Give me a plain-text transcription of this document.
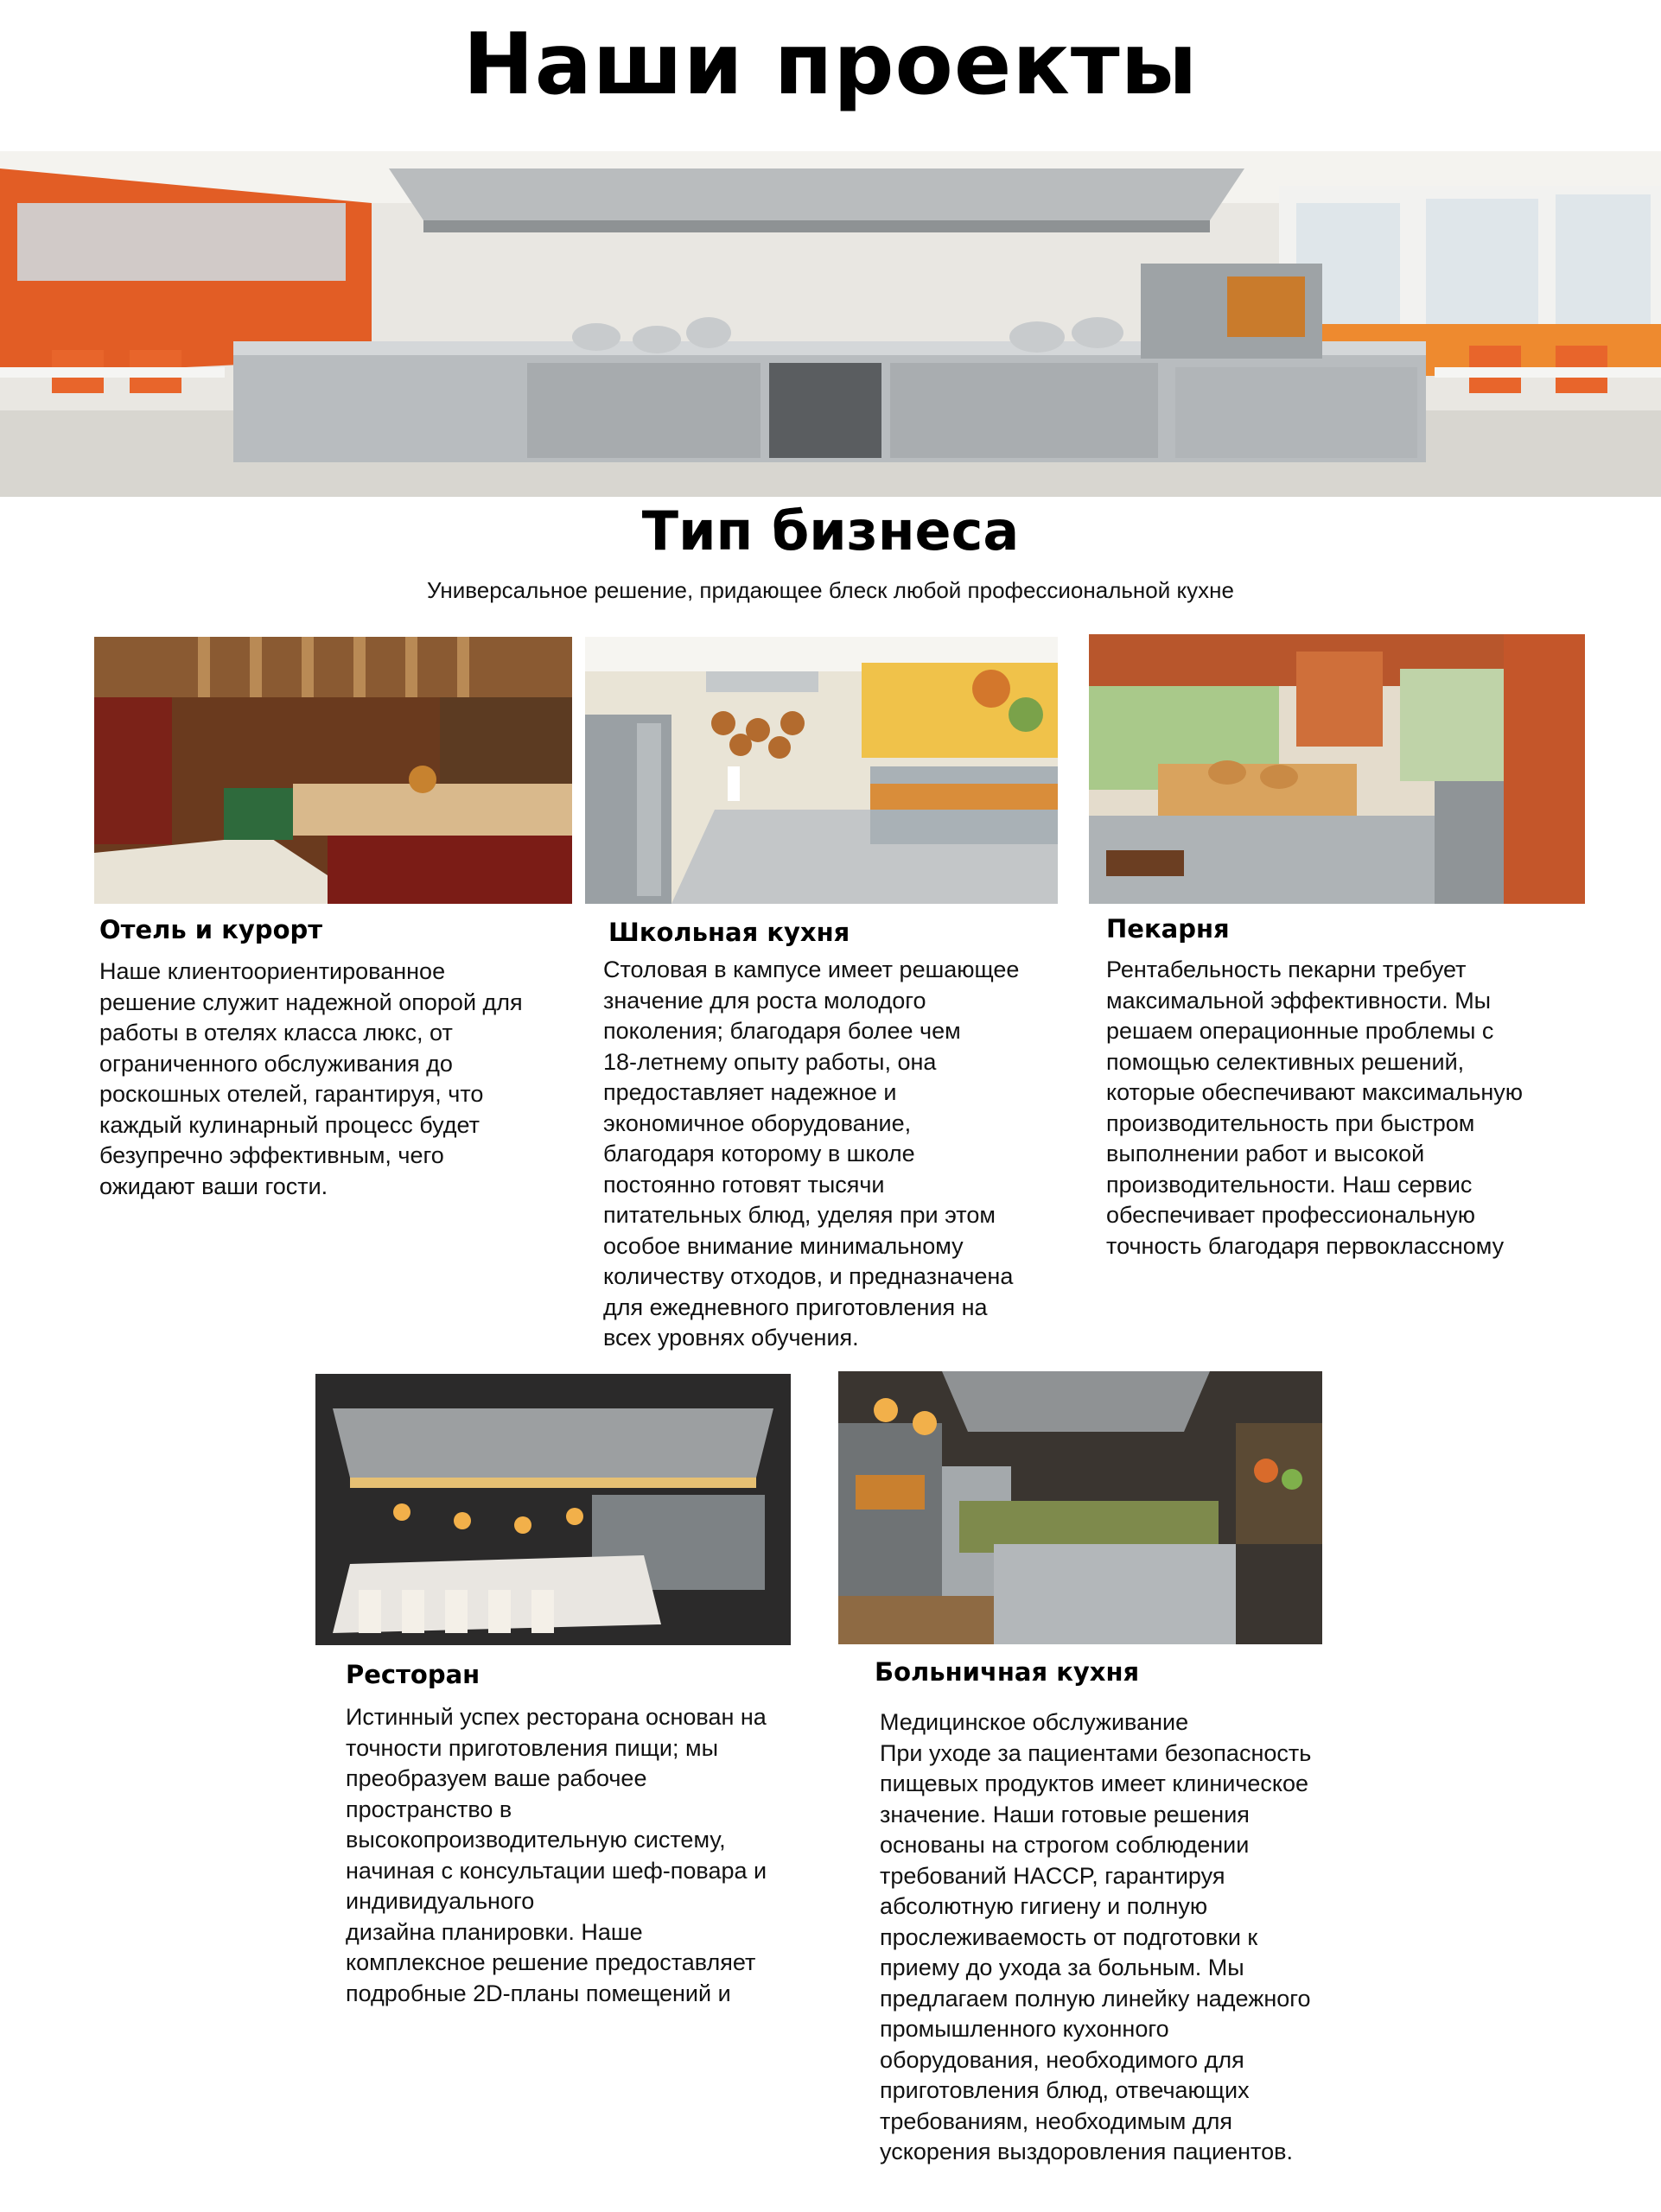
Наши проекты
Тип бизнеса
Универсальное решение, придающее блеск любой профессиональной кухне
Отель и курорт

Наше клиентоориентированное
решение служит надежной опорой для
работы в отелях класса люкс, от
ограниченного обслуживания до
роскошных отелей, гарантируя, что
каждый кулинарный процесс будет
безупречно эффективным, чего
ожидают ваши гости.

Школьная кухня

Столовая в кампусе имеет решающее
значение для роста молодого
поколения; благодаря более чем
18-летнему опыту работы, она
предоставляет надежное и
экономичное оборудование,
благодаря которому в школе
постоянно готовят тысячи
питательных блюд, уделяя при этом
особое внимание минимальному
количеству отходов, и предназначена
для ежедневного приготовления на
всех уровнях обучения.

Пекарня

Рентабельность пекарни требует
максимальной эффективности. Мы
решаем операционные проблемы с
помощью селективных решений,
которые обеспечивают максимальную
производительность при быстром
выполнении работ и высокой
производительности. Наш сервис
обеспечивает профессиональную
точность благодаря первоклассному

Ресторан

Истинный успех ресторана основан на
точности приготовления пищи; мы
преобразуем ваше рабочее
пространство в
высокопроизводительную систему,
начиная с консультации шеф-повара и
индивидуального
дизайна планировки. Наше
комплексное решение предоставляет
подробные 2D-планы помещений и

Больничная кухня

Медицинское обслуживание
При уходе за пациентами безопасность
пищевых продуктов имеет клиническое
значение. Наши готовые решения
основаны на строгом соблюдении
требований HACCP, гарантируя
абсолютную гигиену и полную
прослеживаемость от подготовки к
приему до ухода за больным. Мы
предлагаем полную линейку надежного
промышленного кухонного
оборудования, необходимого для
приготовления блюд, отвечающих
требованиям, необходимым для
ускорения выздоровления пациентов.
